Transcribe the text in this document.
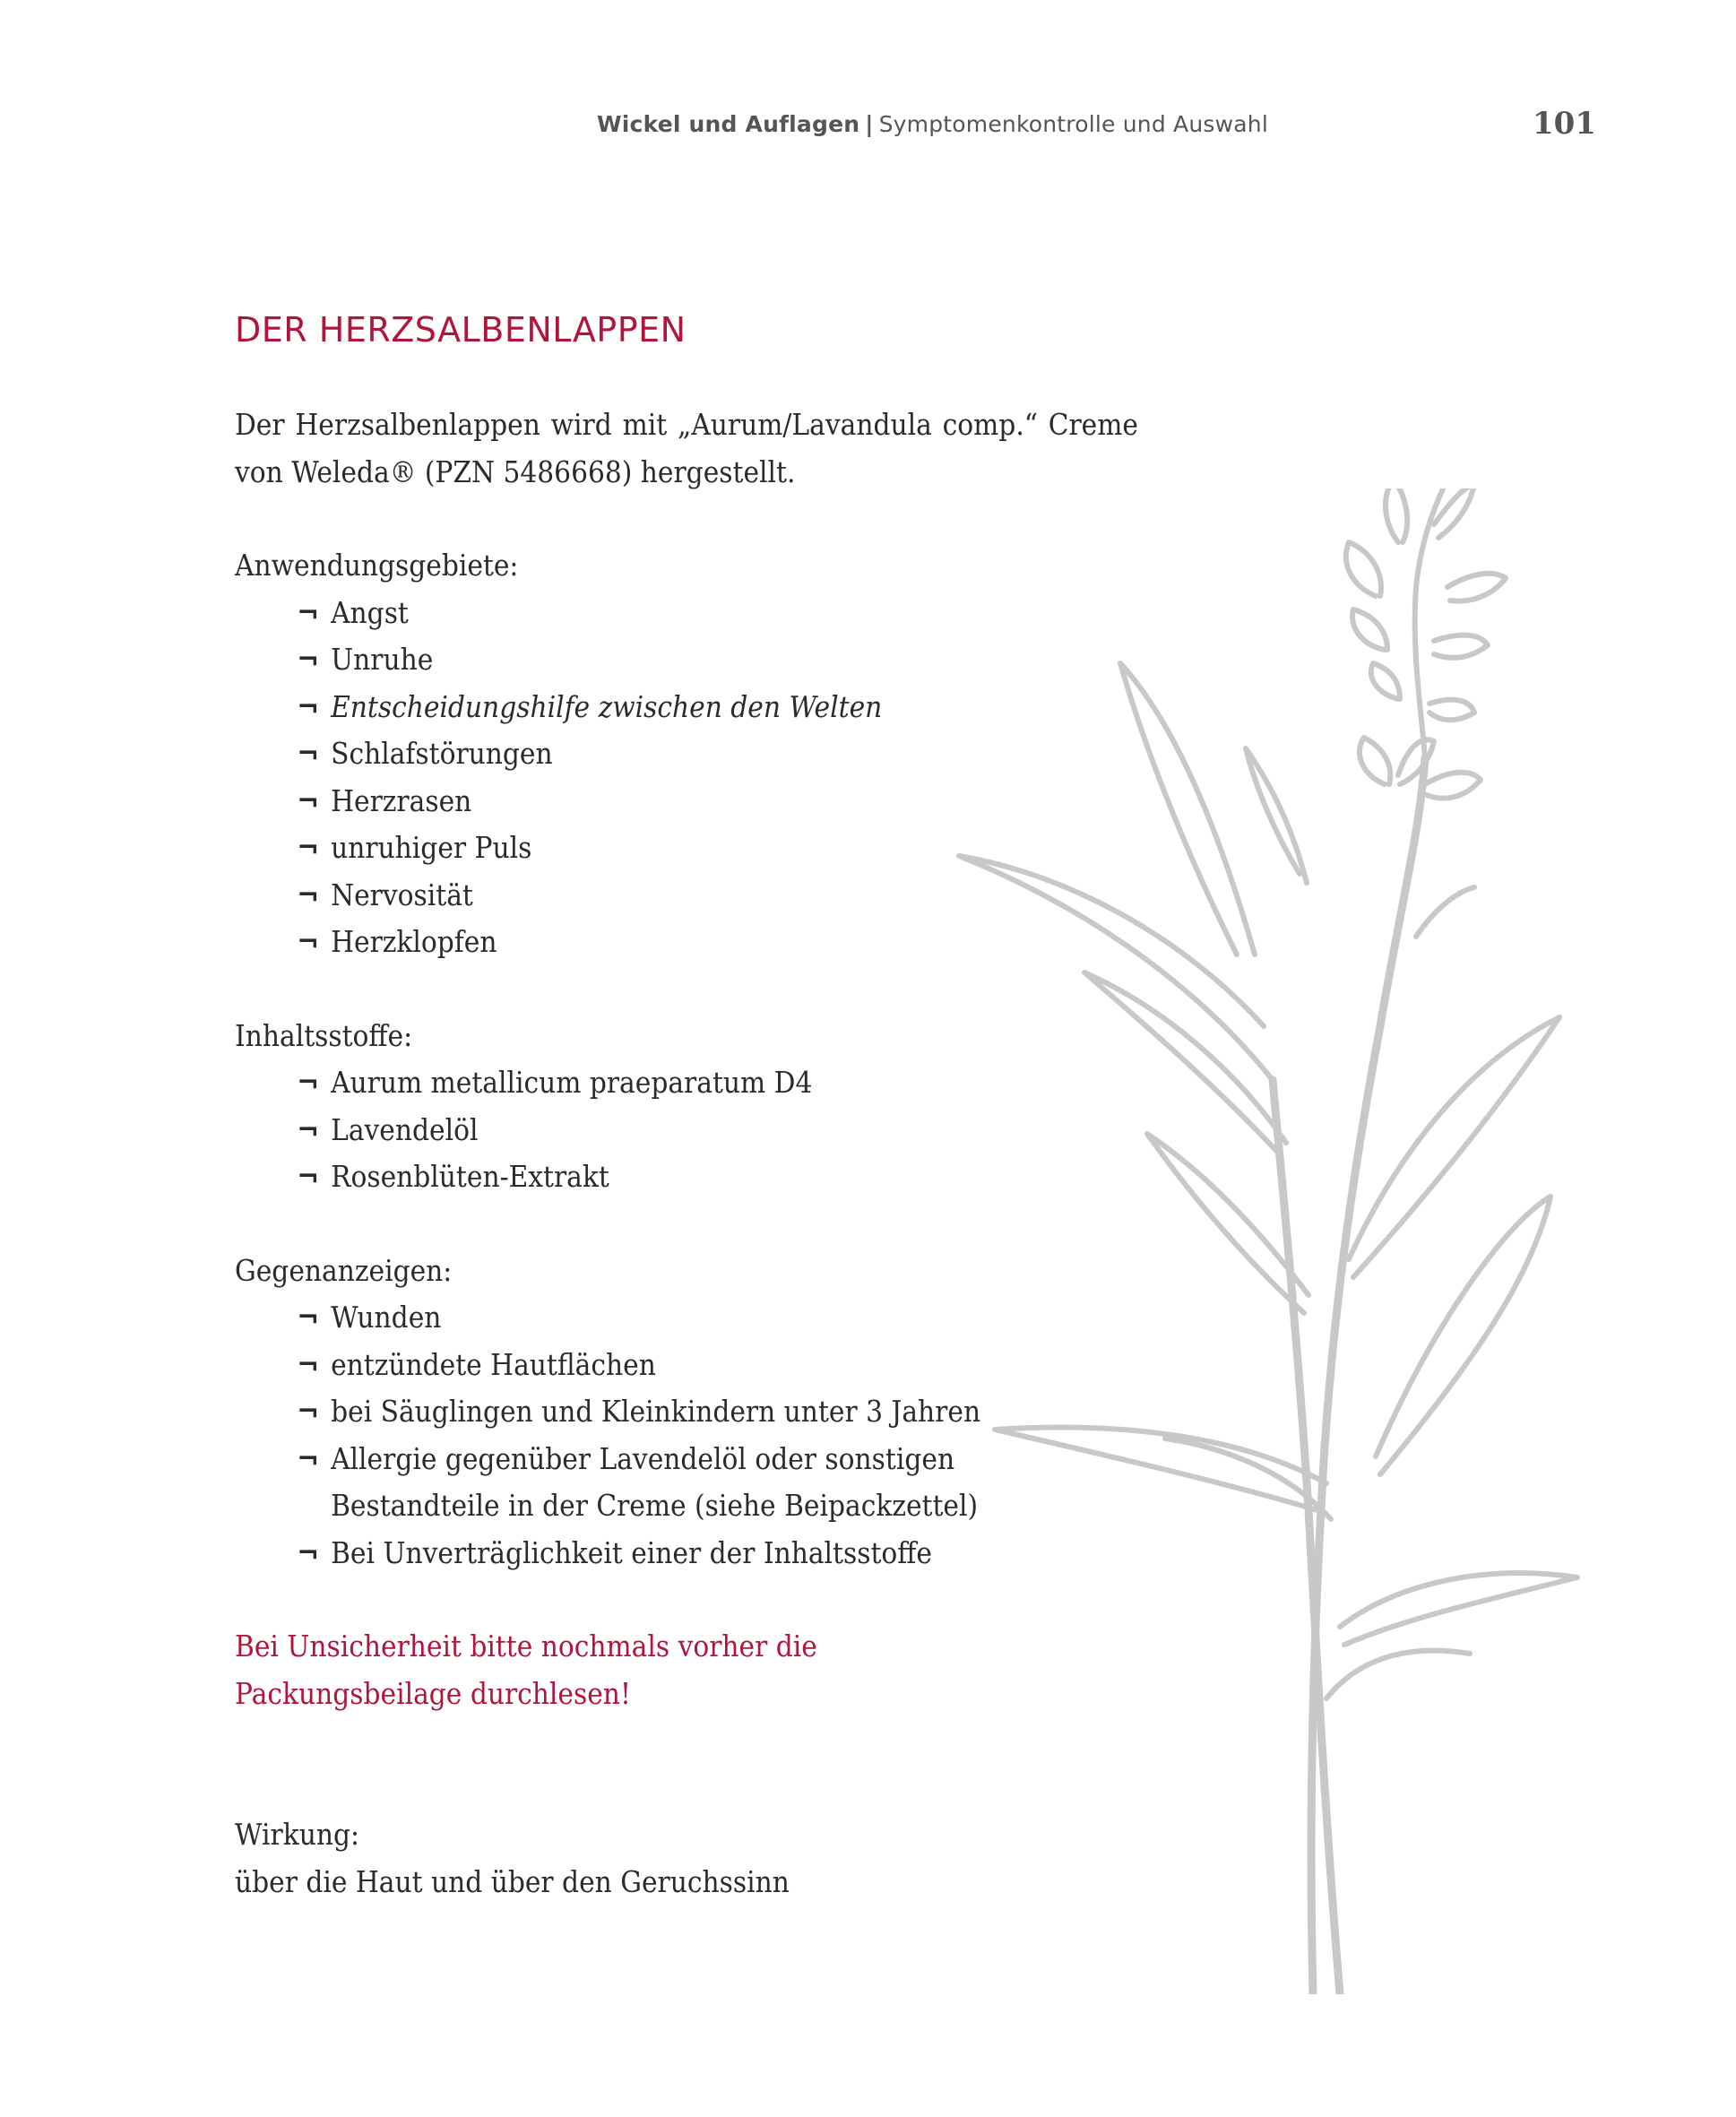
Wickel und Auflagen | Symptomenkontrolle und Auswahl	101
DER HERZSALBENLAPPEN

Der Herzsalbenlappen wird mit „Aurum/Lavandula comp.“ Creme von Weleda® (PZN 5486668) hergestellt.

Anwendungsgebiete:

¬ Angst
¬ Unruhe
¬ Entscheidungshilfe zwischen den Welten
¬ Schlafstörungen
¬ Herzrasen
¬ unruhiger Puls
¬ Nervosität
¬ Herzklopfen

Inhaltsstoffe:

¬ Aurum metallicum praeparatum D4
¬ Lavendelöl
¬ Rosenblüten-Extrakt

Gegenanzeigen:

¬ Wunden
¬ entzündete Hautflächen
¬ bei Säuglingen und Kleinkindern unter 3 Jahren
¬ Allergie gegenüber Lavendelöl oder sonstigen Bestandteile in der Creme (siehe Beipackzettel)
¬ Bei Unverträglichkeit einer der Inhaltsstoffe

Bei Unsicherheit bitte nochmals vorher die

Packungsbeilage durchlesen!

Wirkung:

über die Haut und über den Geruchssinn
